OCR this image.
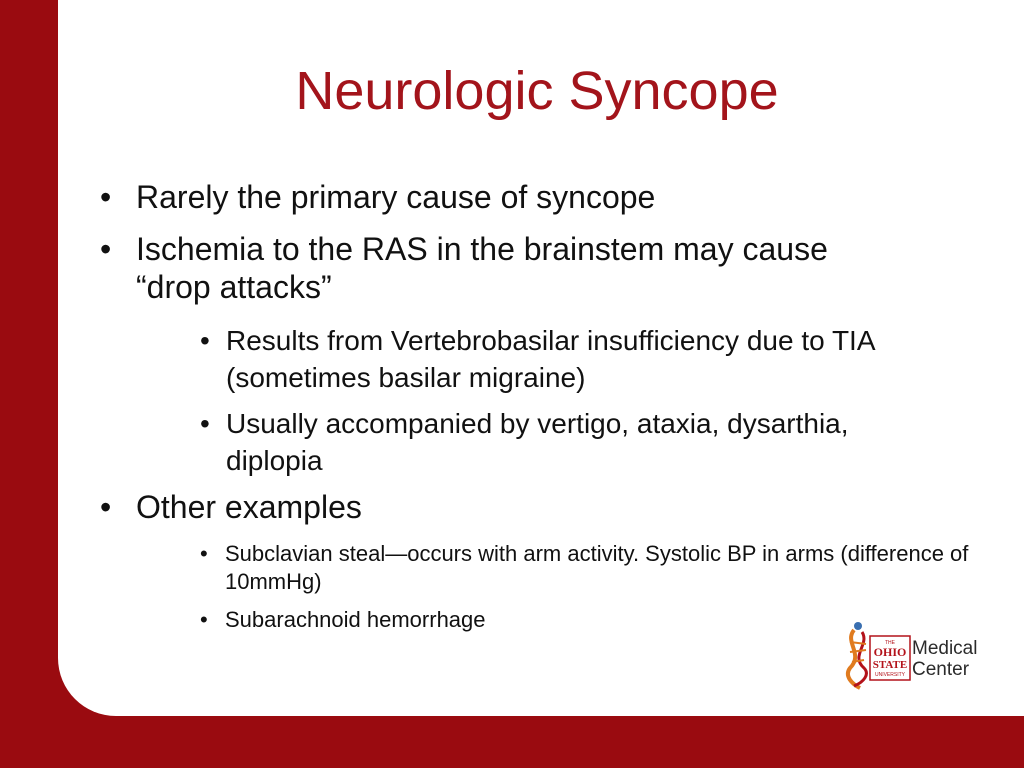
Neurologic Syncope
• Rarely the primary cause of syncope

• Ischemia to the RAS in the brainstem may cause “drop attacks”

• Results from Vertebrobasilar insufficiency due to TIA (sometimes basilar migraine)

• Usually accompanied by vertigo, ataxia, dysarthia, diplopia

• Other examples

• Subclavian steal—occurs with arm activity. Systolic BP in arms (difference of 10mmHg)

• Subarachnoid hemorrhage

THE
OHIO
STATE
UNIVERSITY
Medical
Center
